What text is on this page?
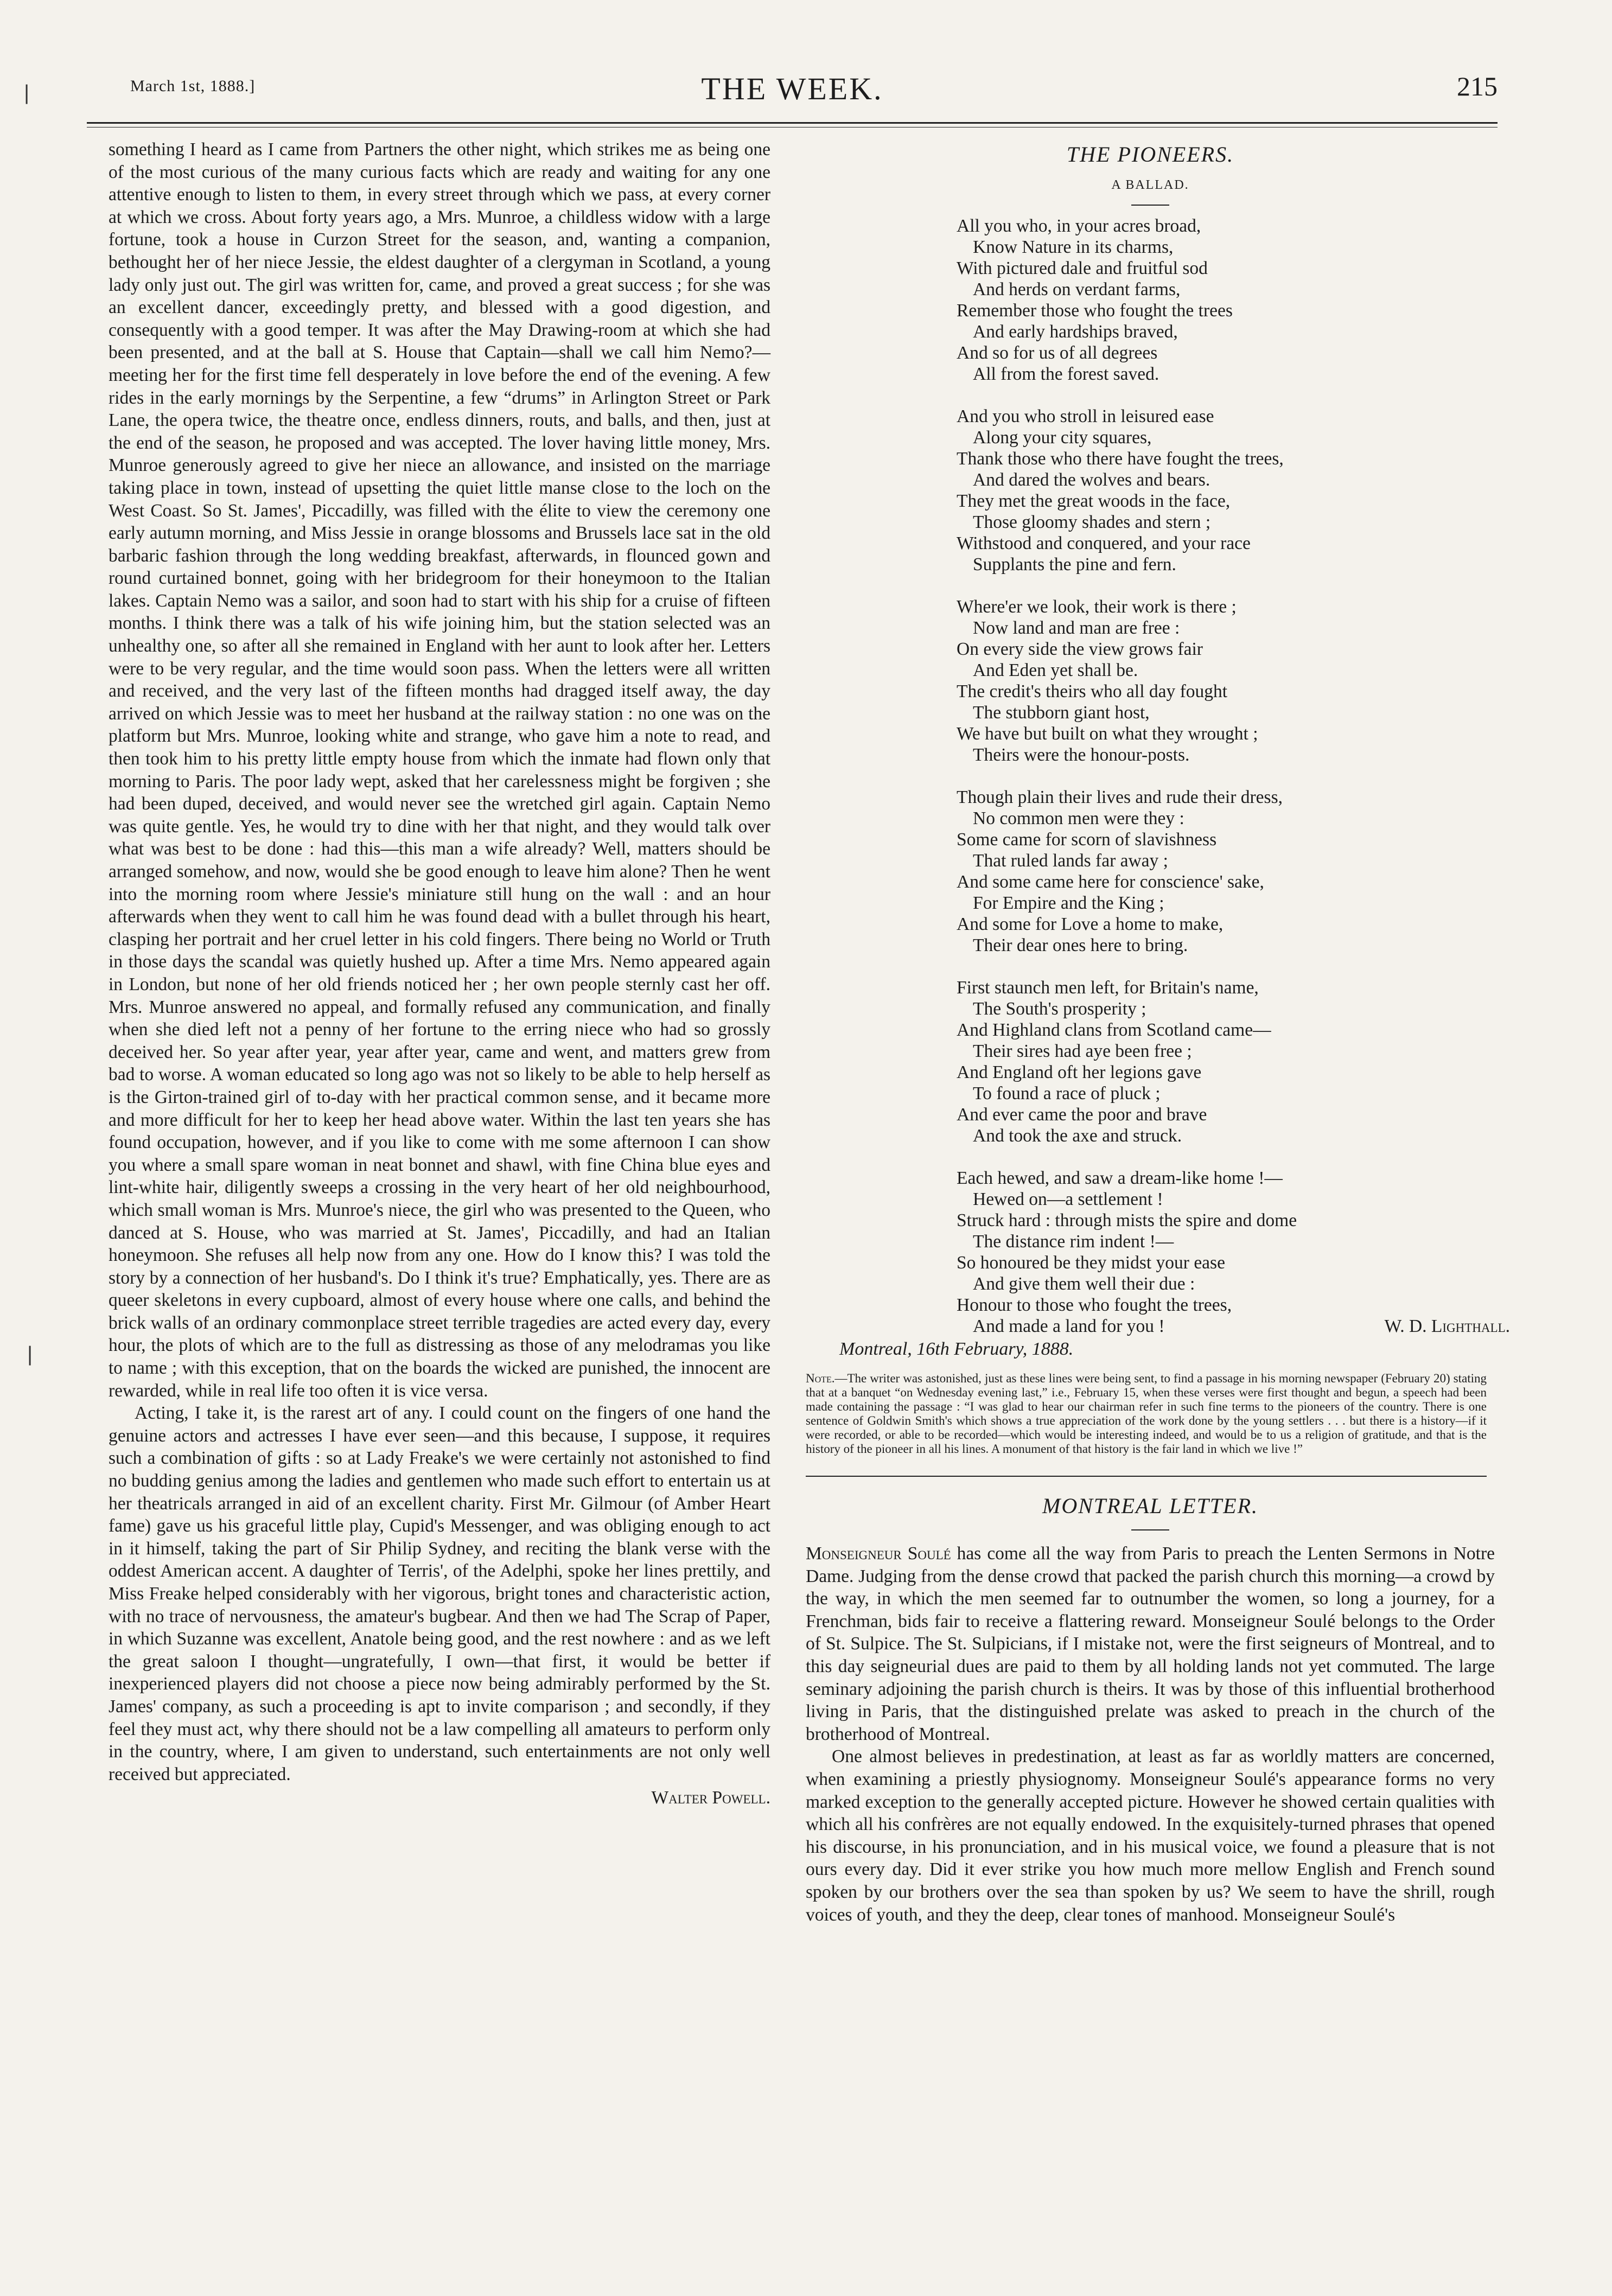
March 1st, 1888.]	THE WEEK.	215

something I heard as I came from Partners the other night, which strikes me as being one of the most curious of the many curious facts which are ready and waiting for any one attentive enough to listen to them, in every street through which we pass, at every corner at which we cross. About forty years ago, a Mrs. Munroe, a childless widow with a large fortune, took a house in Curzon Street for the season, and, wanting a companion, bethought her of her niece Jessie, the eldest daughter of a clergyman in Scotland, a young lady only just out. The girl was written for, came, and proved a great success ; for she was an excellent dancer, exceedingly pretty, and blessed with a good digestion, and consequently with a good temper. It was after the May Drawing-room at which she had been presented, and at the ball at S. House that Captain—shall we call him Nemo?—meeting her for the first time fell desperately in love before the end of the evening. A few rides in the early mornings by the Serpentine, a few “drums” in Arlington Street or Park Lane, the opera twice, the theatre once, endless dinners, routs, and balls, and then, just at the end of the season, he proposed and was accepted. The lover having little money, Mrs. Munroe generously agreed to give her niece an allowance, and insisted on the marriage taking place in town, instead of upsetting the quiet little manse close to the loch on the West Coast. So St. James', Piccadilly, was filled with the élite to view the ceremony one early autumn morning, and Miss Jessie in orange blossoms and Brussels lace sat in the old barbaric fashion through the long wedding breakfast, afterwards, in flounced gown and round curtained bonnet, going with her bridegroom for their honeymoon to the Italian lakes. Captain Nemo was a sailor, and soon had to start with his ship for a cruise of fifteen months. I think there was a talk of his wife joining him, but the station selected was an unhealthy one, so after all she remained in England with her aunt to look after her. Letters were to be very regular, and the time would soon pass. When the letters were all written and received, and the very last of the fifteen months had dragged itself away, the day arrived on which Jessie was to meet her husband at the railway station : no one was on the platform but Mrs. Munroe, looking white and strange, who gave him a note to read, and then took him to his pretty little empty house from which the inmate had flown only that morning to Paris. The poor lady wept, asked that her carelessness might be forgiven ; she had been duped, deceived, and would never see the wretched girl again. Captain Nemo was quite gentle. Yes, he would try to dine with her that night, and they would talk over what was best to be done : had this—this man a wife already? Well, matters should be arranged somehow, and now, would she be good enough to leave him alone? Then he went into the morning room where Jessie's miniature still hung on the wall : and an hour afterwards when they went to call him he was found dead with a bullet through his heart, clasping her portrait and her cruel letter in his cold fingers. There being no World or Truth in those days the scandal was quietly hushed up. After a time Mrs. Nemo appeared again in London, but none of her old friends noticed her ; her own people sternly cast her off. Mrs. Munroe answered no appeal, and formally refused any communication, and finally when she died left not a penny of her fortune to the erring niece who had so grossly deceived her. So year after year, year after year, came and went, and matters grew from bad to worse. A woman educated so long ago was not so likely to be able to help herself as is the Girton-trained girl of to-day with her practical common sense, and it became more and more difficult for her to keep her head above water. Within the last ten years she has found occupation, however, and if you like to come with me some afternoon I can show you where a small spare woman in neat bonnet and shawl, with fine China blue eyes and lint-white hair, diligently sweeps a crossing in the very heart of her old neighbourhood, which small woman is Mrs. Munroe's niece, the girl who was presented to the Queen, who danced at S. House, who was married at St. James', Piccadilly, and had an Italian honeymoon. She refuses all help now from any one. How do I know this? I was told the story by a connection of her husband's. Do I think it's true? Emphatically, yes. There are as queer skeletons in every cupboard, almost of every house where one calls, and behind the brick walls of an ordinary commonplace street terrible tragedies are acted every day, every hour, the plots of which are to the full as distressing as those of any melodramas you like to name ; with this exception, that on the boards the wicked are punished, the innocent are rewarded, while in real life too often it is vice versa.

Acting, I take it, is the rarest art of any. I could count on the fingers of one hand the genuine actors and actresses I have ever seen—and this because, I suppose, it requires such a combination of gifts : so at Lady Freake's we were certainly not astonished to find no budding genius among the ladies and gentlemen who made such effort to entertain us at her theatricals arranged in aid of an excellent charity. First Mr. Gilmour (of Amber Heart fame) gave us his graceful little play, Cupid's Messenger, and was obliging enough to act in it himself, taking the part of Sir Philip Sydney, and reciting the blank verse with the oddest American accent. A daughter of Terris', of the Adelphi, spoke her lines prettily, and Miss Freake helped considerably with her vigorous, bright tones and characteristic action, with no trace of nervousness, the amateur's bugbear. And then we had The Scrap of Paper, in which Suzanne was excellent, Anatole being good, and the rest nowhere : and as we left the great saloon I thought—ungratefully, I own—that first, it would be better if inexperienced players did not choose a piece now being admirably performed by the St. James' company, as such a proceeding is apt to invite comparison ; and secondly, if they feel they must act, why there should not be a law compelling all amateurs to perform only in the country, where, I am given to understand, such entertainments are not only well received but appreciated.

Walter Powell.
THE PIONEERS.
A BALLAD.
All you who, in your acres broad,
Know Nature in its charms,
With pictured dale and fruitful sod
And herds on verdant farms,
Remember those who fought the trees
And early hardships braved,
And so for us of all degrees
All from the forest saved.
And you who stroll in leisured ease
Along your city squares,
Thank those who there have fought the trees,
And dared the wolves and bears.
They met the great woods in the face,
Those gloomy shades and stern ;
Withstood and conquered, and your race
Supplants the pine and fern.
Where'er we look, their work is there ;
Now land and man are free :
On every side the view grows fair
And Eden yet shall be.
The credit's theirs who all day fought
The stubborn giant host,
We have but built on what they wrought ;
Theirs were the honour-posts.
Though plain their lives and rude their dress,
No common men were they :
Some came for scorn of slavishness
That ruled lands far away ;
And some came here for conscience' sake,
For Empire and the King ;
And some for Love a home to make,
Their dear ones here to bring.
First staunch men left, for Britain's name,
The South's prosperity ;
And Highland clans from Scotland came—
Their sires had aye been free ;
And England oft her legions gave
To found a race of pluck ;
And ever came the poor and brave
And took the axe and struck.
Each hewed, and saw a dream-like home !—
Hewed on—a settlement !
Struck hard : through mists the spire and dome
The distance rim indent !—
So honoured be they midst your ease
And give them well their due :
Honour to those who fought the trees,
And made a land for you !	W. D. Lighthall.
Montreal, 16th February, 1888.
Note.—The writer was astonished, just as these lines were being sent, to find a passage in his morning newspaper (February 20) stating that at a banquet “on Wednesday evening last,” i.e., February 15, when these verses were first thought and begun, a speech had been made containing the passage : “I was glad to hear our chairman refer in such fine terms to the pioneers of the country. There is one sentence of Goldwin Smith's which shows a true appreciation of the work done by the young settlers . . . but there is a history—if it were recorded, or able to be recorded—which would be interesting indeed, and would be to us a religion of gratitude, and that is the history of the pioneer in all his lines. A monument of that history is the fair land in which we live !”
MONTREAL LETTER.

Monseigneur Soulé has come all the way from Paris to preach the Lenten Sermons in Notre Dame. Judging from the dense crowd that packed the parish church this morning—a crowd by the way, in which the men seemed far to outnumber the women, so long a journey, for a Frenchman, bids fair to receive a flattering reward. Monseigneur Soulé belongs to the Order of St. Sulpice. The St. Sulpicians, if I mistake not, were the first seigneurs of Montreal, and to this day seigneurial dues are paid to them by all holding lands not yet commuted. The large seminary adjoining the parish church is theirs. It was by those of this influential brotherhood living in Paris, that the distinguished prelate was asked to preach in the church of the brotherhood of Montreal.

One almost believes in predestination, at least as far as worldly matters are concerned, when examining a priestly physiognomy. Monseigneur Soulé's appearance forms no very marked exception to the generally accepted picture. However he showed certain qualities with which all his confrères are not equally endowed. In the exquisitely-turned phrases that opened his discourse, in his pronunciation, and in his musical voice, we found a pleasure that is not ours every day. Did it ever strike you how much more mellow English and French sound spoken by our brothers over the sea than spoken by us? We seem to have the shrill, rough voices of youth, and they the deep, clear tones of manhood. Monseigneur Soulé's

❘
❘
